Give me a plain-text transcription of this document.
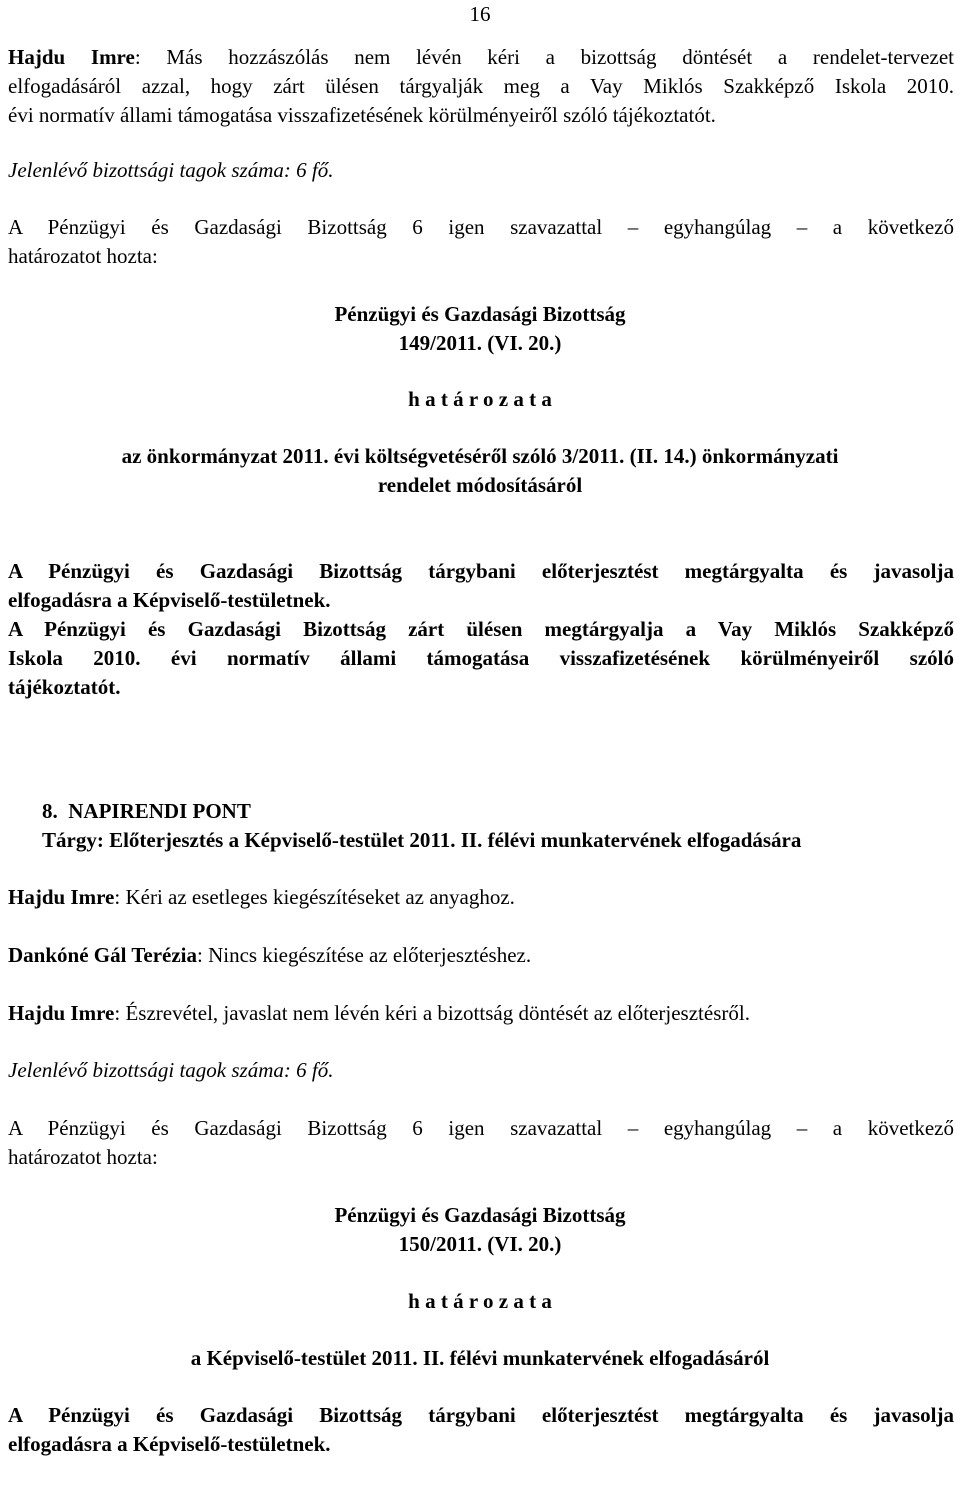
16
Hajdu Imre: Más hozzászólás nem lévén kéri a bizottság döntését a rendelet-tervezet
elfogadásáról azzal, hogy zárt ülésen tárgyalják meg a Vay Miklós Szakképző Iskola 2010.
évi normatív állami támogatása visszafizetésének körülményeiről szóló tájékoztatót.
Jelenlévő bizottsági tagok száma: 6 fő.
A Pénzügyi és Gazdasági Bizottság 6 igen szavazattal – egyhangúlag – a következő
határozatot hozta:
Pénzügyi és Gazdasági Bizottság
149/2011. (VI. 20.)
h a t á r o z a t a
az önkormányzat 2011. évi költségvetéséről szóló 3/2011. (II. 14.) önkormányzati
rendelet módosításáról
A Pénzügyi és Gazdasági Bizottság tárgybani előterjesztést megtárgyalta és javasolja
elfogadásra a Képviselő-testületnek.
A Pénzügyi és Gazdasági Bizottság zárt ülésen megtárgyalja a Vay Miklós Szakképző
Iskola 2010. évi normatív állami támogatása visszafizetésének körülményeiről szóló
tájékoztatót.
8. NAPIRENDI PONT
Tárgy: Előterjesztés a Képviselő-testület 2011. II. félévi munkatervének elfogadására
Hajdu Imre: Kéri az esetleges kiegészítéseket az anyaghoz.
Dankóné Gál Terézia: Nincs kiegészítése az előterjesztéshez.
Hajdu Imre: Észrevétel, javaslat nem lévén kéri a bizottság döntését az előterjesztésről.
Jelenlévő bizottsági tagok száma: 6 fő.
A Pénzügyi és Gazdasági Bizottság 6 igen szavazattal – egyhangúlag – a következő
határozatot hozta:
Pénzügyi és Gazdasági Bizottság
150/2011. (VI. 20.)
h a t á r o z a t a
a Képviselő-testület 2011. II. félévi munkatervének elfogadásáról
A Pénzügyi és Gazdasági Bizottság tárgybani előterjesztést megtárgyalta és javasolja
elfogadásra a Képviselő-testületnek.
